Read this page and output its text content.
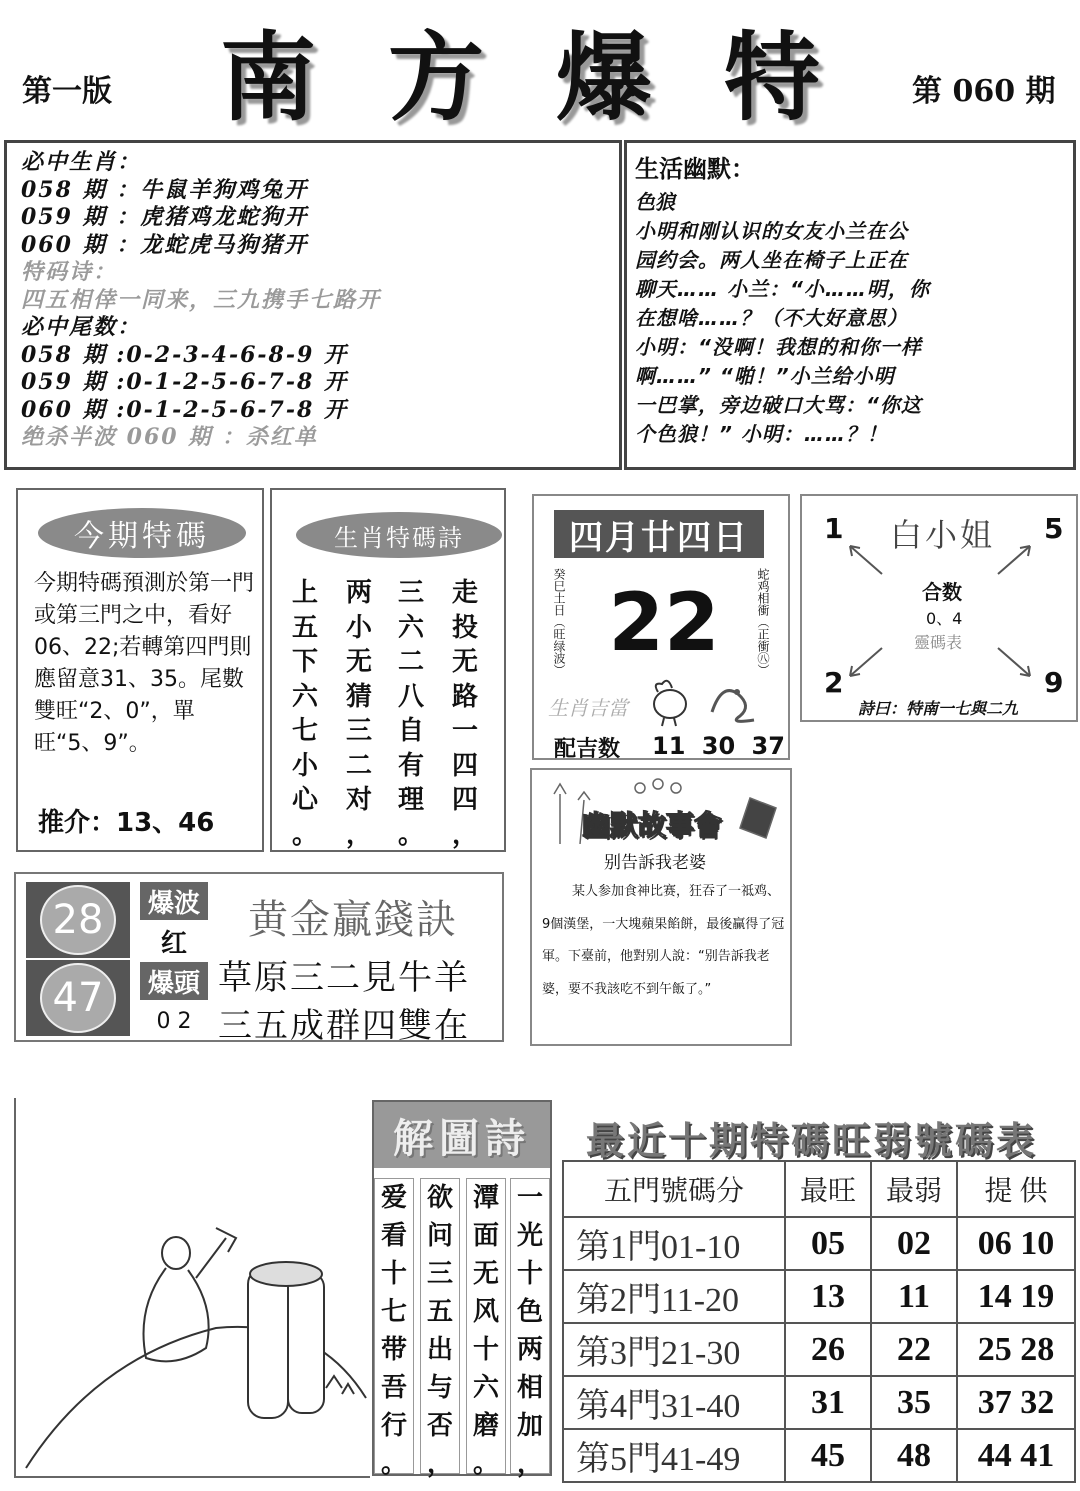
第一版 南 方 爆 特	第 060 期
必中生肖：
058 期 ：牛鼠羊狗鸡兔开
059 期 ：虎猪鸡龙蛇狗开
060 期 ：龙蛇虎马狗猪开
特码诗：
四五相倖一同来，三九携手七路开
必中尾数：
058 期 :0-2-3-4-6-8-9 开
059 期 :0-1-2-5-6-7-8 开
060 期 :0-1-2-5-6-7-8 开
绝杀半波 060 期 ：杀红单
生活幽默：
色狼
小明和刚认识的女友小兰在公
园约会。两人坐在椅子上正在
聊天…… 小兰：“小……明，你
在想啥……？（不大好意思）
小明：“没啊！我想的和你一样
啊……” “啪！”小兰给小明
一巴掌，旁边破口大骂：“你这
个色狼！” 小明：……？！
今期特碼
今期特碼預測於第一門或第三門之中，看好06、22;若轉第四門則應留意31、35。尾數雙旺“2、0”，單旺“5、9”。
推介：13、46
生肖特碼詩
上
五
下
六
七
小
心
。
两
小
无
猜
三
二
对
，
三
六
二
八
自
有
理
。
走
投
无
路
一
四
四
，
四月廿四日
癸巳土日（旺绿波） 22	蛇鸡相衝（正衝㊇）
生肖吉當
配吉数 11 30 37
白小姐
1	5
2	9
合数
0、4
靈碼表
詩曰：特南一七與二九
幽默故事會
别告訴我老婆
某人参加食神比赛，狂吞了一祗鸡、9個漢堡，一大塊蘋果餡餅，最後贏得了冠軍。下臺前，他對别人說：“别告訴我老婆，要不我該吃不到午飯了。”
28
47
爆波
红
爆頭
0 2
黄金贏錢訣
草原三二見牛羊
三五成群四雙在
解圖詩
爱
看
十
七
带
吾
行
。
欲
问
三
五
出
与
否
，
潭
面
无
风
十
六
磨
。
一
光
十
色
两
相
加
，
最近十期特碼旺弱號碼表
五門號碼分	最旺	最弱	提 供
第1門01-10	05	02	06 10
第2門11-20	13	11	14 19
第3門21-30	26	22	25 28
第4門31-40	31	35	37 32
第5門41-49	45	48	44 41
